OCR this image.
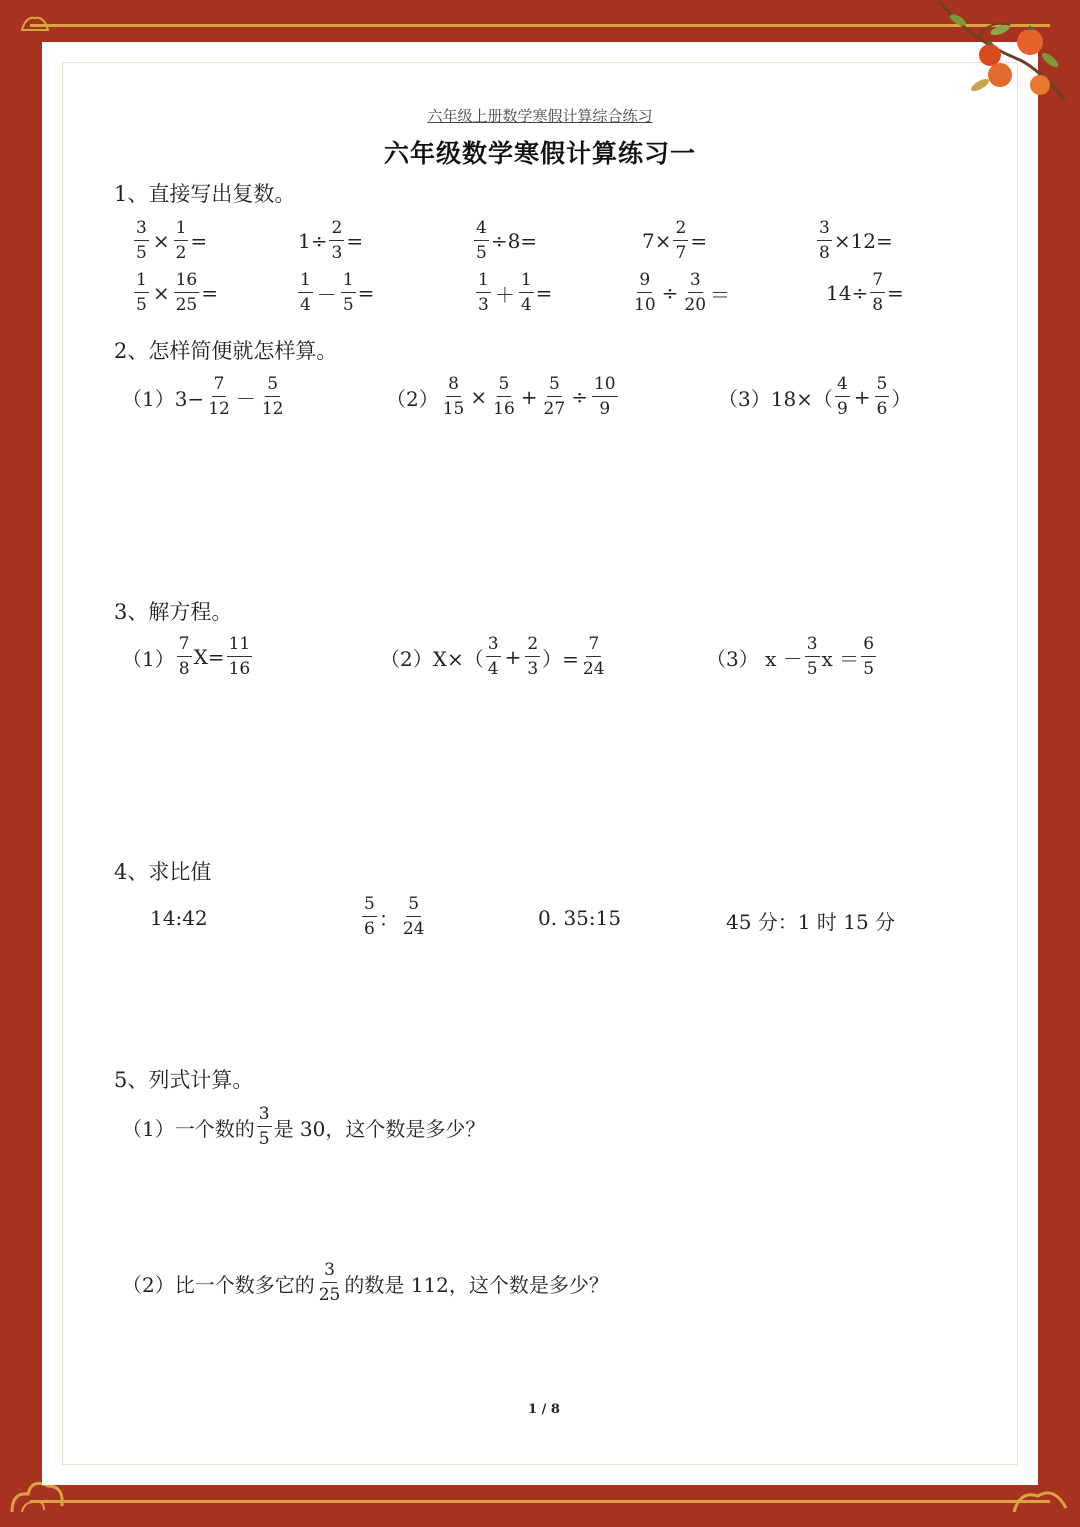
六年级上册数学寒假计算综合练习
六年级数学寒假计算练习一
1、直接写出复数。
$\frac{3}{5} \times \frac{1}{2}$ =	$1\div \frac{2}{3}$ =	$\frac{4}{5} \div 8=$	$7\times \frac{2}{7}$ =	$\frac{3}{8} \times 12=$
$\frac{1}{5} \times \frac{16}{25}$ =	$\frac{1}{4} - \frac{1}{5}$ =	$\frac{1}{3} + \frac{1}{4}$ =	$\frac{9}{10} \div \frac{3}{20}$ ＝	$14\div \frac{7}{8}$ =
2、怎样简便就怎样算。
$(1)3- \frac{7}{12} - \frac{5}{12}$	$(2) \frac{8}{15} \times \frac{5}{16} + \frac{5}{27} \div \frac{10}{9}$	$(3)18\times( \frac{4}{9} + \frac{5}{6}$ ）
3、解方程。
$(1) \frac{7}{8} X= \frac{11}{16}$	$(2)X\times( \frac{3}{4} + \frac{2}{3}$ ）= $\frac{7}{24}$	（3） $x - \frac{3}{5}$ $x = \frac{6}{5}$
4、求比值
14:42	$\frac{5}{6}$ ： $\frac{5}{24}$	0. 35:15	45 分：1 时 15 分
5、列式计算。
（1）一个数的 $\frac{3}{5}$ 是 30，这个数是多少？
（2）比一个数多它的 $\frac{3}{25}$ 的数是 112，这个数是多少？
1 / 8
